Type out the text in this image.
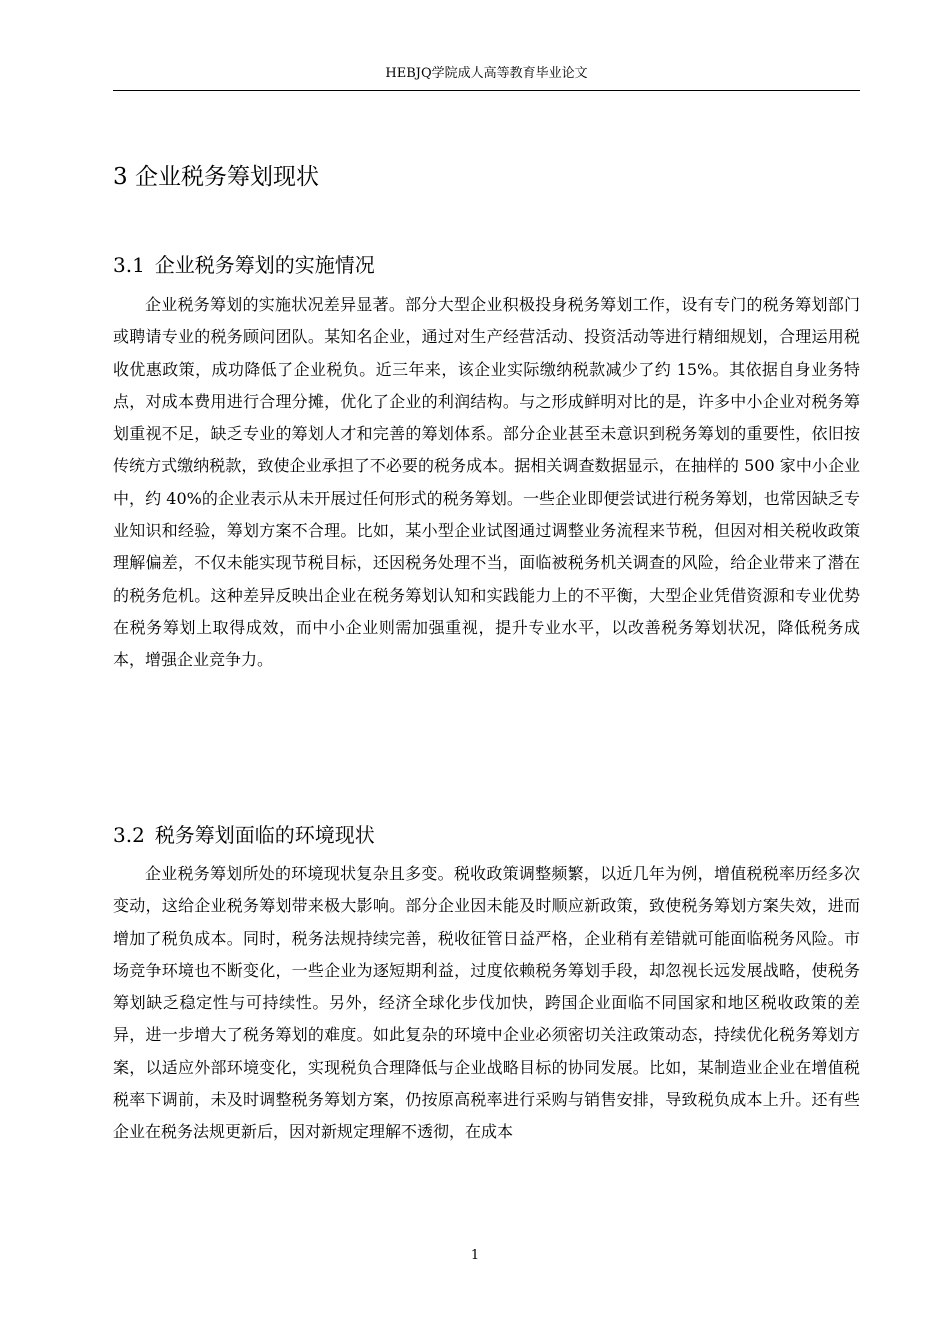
HEBJQ学院成人高等教育毕业论文
3 企业税务筹划现状
3.1 企业税务筹划的实施情况

企业税务筹划的实施状况差异显著。部分大型企业积极投身税务筹划工作，设有专门的税务筹划部门或聘请专业的税务顾问团队。某知名企业，通过对生产经营活动、投资活动等进行精细规划，合理运用税收优惠政策，成功降低了企业税负。近三年来，该企业实际缴纳税款减少了约 15%。其依据自身业务特点，对成本费用进行合理分摊，优化了企业的利润结构。与之形成鲜明对比的是，许多中小企业对税务筹划重视不足，缺乏专业的筹划人才和完善的筹划体系。部分企业甚至未意识到税务筹划的重要性，依旧按传统方式缴纳税款，致使企业承担了不必要的税务成本。据相关调查数据显示，在抽样的 500 家中小企业中，约 40%的企业表示从未开展过任何形式的税务筹划。一些企业即便尝试进行税务筹划，也常因缺乏专业知识和经验，筹划方案不合理。比如，某小型企业试图通过调整业务流程来节税，但因对相关税收政策理解偏差，不仅未能实现节税目标，还因税务处理不当，面临被税务机关调查的风险，给企业带来了潜在的税务危机。这种差异反映出企业在税务筹划认知和实践能力上的不平衡，大型企业凭借资源和专业优势在税务筹划上取得成效，而中小企业则需加强重视，提升专业水平，以改善税务筹划状况，降低税务成本，增强企业竞争力。

3.2 税务筹划面临的环境现状

企业税务筹划所处的环境现状复杂且多变。税收政策调整频繁，以近几年为例，增值税税率历经多次变动，这给企业税务筹划带来极大影响。部分企业因未能及时顺应新政策，致使税务筹划方案失效，进而增加了税负成本。同时，税务法规持续完善，税收征管日益严格，企业稍有差错就可能面临税务风险。市场竞争环境也不断变化，一些企业为逐短期利益，过度依赖税务筹划手段，却忽视长远发展战略，使税务筹划缺乏稳定性与可持续性。另外，经济全球化步伐加快，跨国企业面临不同国家和地区税收政策的差异，进一步增大了税务筹划的难度。如此复杂的环境中企业必须密切关注政策动态，持续优化税务筹划方案，以适应外部环境变化，实现税负合理降低与企业战略目标的协同发展。比如，某制造业企业在增值税税率下调前，未及时调整税务筹划方案，仍按原高税率进行采购与销售安排，导致税负成本上升。还有些企业在税务法规更新后，因对新规定理解不透彻，在成本

1
